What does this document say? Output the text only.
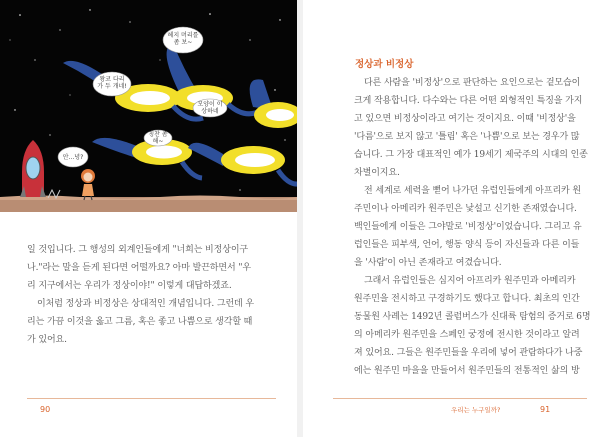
안...녕?
왕코 다리가 두 개네!
헤지 머리를 좀 보~
모양이 이상하네
칭찬 좀 해~

일 것입니다. 그 행성의 외계인들에게 "너희는 비정상이구

나."라는 말을 듣게 된다면 어떨까요? 아마 발끈하면서 "우

리 지구에서는 우리가 정상이야!" 이렇게 대답하겠죠.

이처럼 정상과 비정상은 상대적인 개념입니다. 그런데 우

리는 가끔 이것을 옳고 그름, 혹은 좋고 나쁨으로 생각할 때

가 있어요.

90
정상과 비정상

다른 사람을 '비정상'으로 판단하는 요인으로는 겉모습이

크게 작용합니다. 다수와는 다른 어떤 외형적인 특징을 가지

고 있으면 비정상이라고 여기는 것이지요. 이때 '비정상'을

'다름'으로 보지 않고 '틀림' 혹은 '나쁨'으로 보는 경우가 많

습니다. 그 가장 대표적인 예가 19세기 제국주의 시대의 인종

차별이지요.

전 세계로 세력을 뻗어 나가던 유럽인들에게 아프리카 원

주민이나 아메리카 원주민은 낯설고 신기한 존재였습니다.

백인들에게 이들은 그야말로 '비정상'이었습니다. 그리고 유

럽인들은 피부색, 언어, 행동 양식 등이 자신들과 다른 이들

을 '사람'이 아닌 존재라고 여겼습니다.

그래서 유럽인들은 심지어 아프리카 원주민과 아메리카

원주민을 전시하고 구경하기도 했다고 합니다. 최초의 인간

동물원 사례는 1492년 콜럼버스가 신대륙 탐험의 증거로 6명

의 아메리카 원주민을 스페인 궁정에 전시한 것이라고 알려

져 있어요. 그들은 원주민들을 우리에 넣어 관람하다가 나중

에는 원주민 마을을 만들어서 원주민들의 전통적인 삶의 방

우리는 누구일까?	91
